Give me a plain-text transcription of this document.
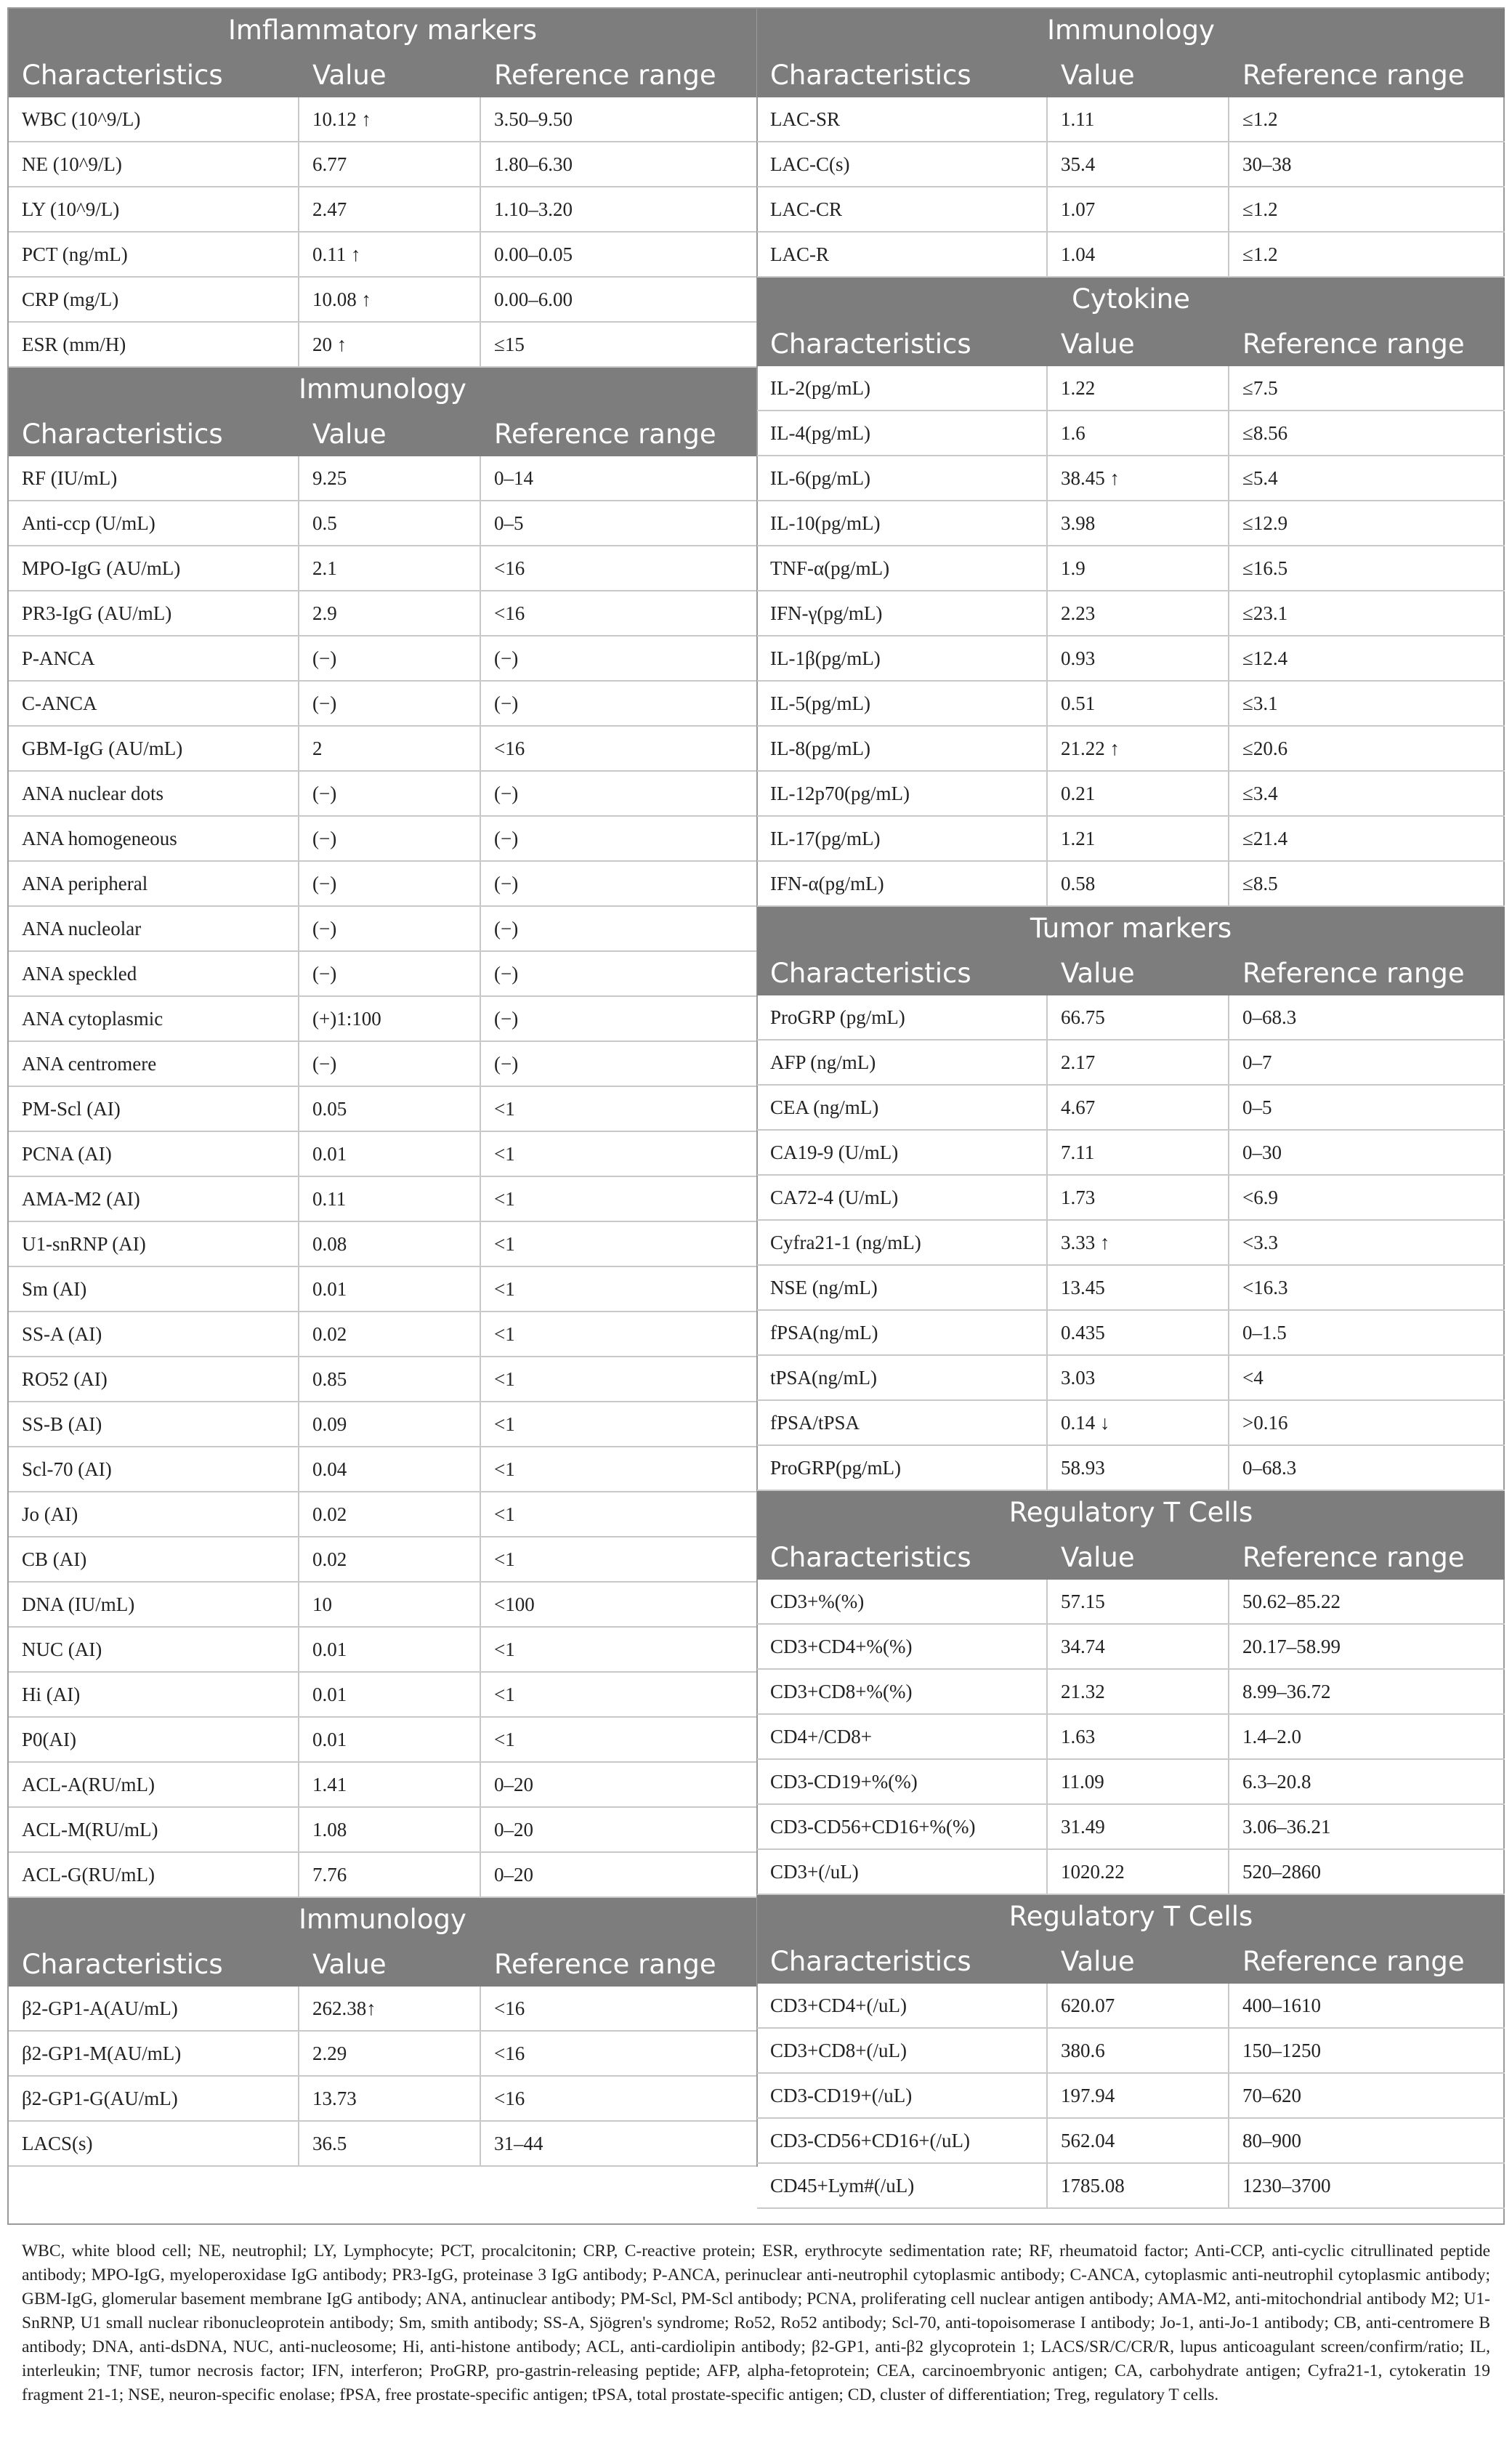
Imflammatory markers
Characteristics	Value	Reference range
WBC (10^9/L)	10.12 ↑	3.50–9.50
NE (10^9/L)	6.77	1.80–6.30
LY (10^9/L)	2.47	1.10–3.20
PCT (ng/mL)	0.11 ↑	0.00–0.05
CRP (mg/L)	10.08 ↑	0.00–6.00
ESR (mm/H)	20 ↑	≤15
Immunology
Characteristics	Value	Reference range
RF (IU/mL)	9.25	0–14
Anti-ccp (U/mL)	0.5	0–5
MPO-IgG (AU/mL)	2.1	<16
PR3-IgG (AU/mL)	2.9	<16
P-ANCA	(−)	(−)
C-ANCA	(−)	(−)
GBM-IgG (AU/mL)	2	<16
ANA nuclear dots	(−)	(−)
ANA homogeneous	(−)	(−)
ANA peripheral	(−)	(−)
ANA nucleolar	(−)	(−)
ANA speckled	(−)	(−)
ANA cytoplasmic	(+)1:100	(−)
ANA centromere	(−)	(−)
PM-Scl (AI)	0.05	<1
PCNA (AI)	0.01	<1
AMA-M2 (AI)	0.11	<1
U1-snRNP (AI)	0.08	<1
Sm (AI)	0.01	<1
SS-A (AI)	0.02	<1
RO52 (AI)	0.85	<1
SS-B (AI)	0.09	<1
Scl-70 (AI)	0.04	<1
Jo (AI)	0.02	<1
CB (AI)	0.02	<1
DNA (IU/mL)	10	<100
NUC (AI)	0.01	<1
Hi (AI)	0.01	<1
P0(AI)	0.01	<1
ACL-A(RU/mL)	1.41	0–20
ACL-M(RU/mL)	1.08	0–20
ACL-G(RU/mL)	7.76	0–20
Immunology
Characteristics	Value	Reference range
β2-GP1-A(AU/mL)	262.38↑	<16
β2-GP1-M(AU/mL)	2.29	<16
β2-GP1-G(AU/mL)	13.73	<16
LACS(s)	36.5	31–44
Immunology
Characteristics	Value	Reference range
LAC-SR	1.11	≤1.2
LAC-C(s)	35.4	30–38
LAC-CR	1.07	≤1.2
LAC-R	1.04	≤1.2
Cytokine
Characteristics	Value	Reference range
IL-2(pg/mL)	1.22	≤7.5
IL-4(pg/mL)	1.6	≤8.56
IL-6(pg/mL)	38.45 ↑	≤5.4
IL-10(pg/mL)	3.98	≤12.9
TNF-α(pg/mL)	1.9	≤16.5
IFN-γ(pg/mL)	2.23	≤23.1
IL-1β(pg/mL)	0.93	≤12.4
IL-5(pg/mL)	0.51	≤3.1
IL-8(pg/mL)	21.22 ↑	≤20.6
IL-12p70(pg/mL)	0.21	≤3.4
IL-17(pg/mL)	1.21	≤21.4
IFN-α(pg/mL)	0.58	≤8.5
Tumor markers
Characteristics	Value	Reference range
ProGRP (pg/mL)	66.75	0–68.3
AFP (ng/mL)	2.17	0–7
CEA (ng/mL)	4.67	0–5
CA19-9 (U/mL)	7.11	0–30
CA72-4 (U/mL)	1.73	<6.9
Cyfra21-1 (ng/mL)	3.33 ↑	<3.3
NSE (ng/mL)	13.45	<16.3
fPSA(ng/mL)	0.435	0–1.5
tPSA(ng/mL)	3.03	<4
fPSA/tPSA	0.14 ↓	>0.16
ProGRP(pg/mL)	58.93	0–68.3
Regulatory T Cells
Characteristics	Value	Reference range
CD3+%(%)	57.15	50.62–85.22
CD3+CD4+%(%)	34.74	20.17–58.99
CD3+CD8+%(%)	21.32	8.99–36.72
CD4+/CD8+	1.63	1.4–2.0
CD3-CD19+%(%)	11.09	6.3–20.8
CD3-CD56+CD16+%(%)	31.49	3.06–36.21
CD3+(/uL)	1020.22	520–2860
Regulatory T Cells
Characteristics	Value	Reference range
CD3+CD4+(/uL)	620.07	400–1610
CD3+CD8+(/uL)	380.6	150–1250
CD3-CD19+(/uL)	197.94	70–620
CD3-CD56+CD16+(/uL)	562.04	80–900
CD45+Lym#(/uL)	1785.08	1230–3700
WBC, white blood cell; NE, neutrophil; LY, Lymphocyte; PCT, procalcitonin; CRP, C-reactive protein; ESR, erythrocyte sedimentation rate; RF, rheumatoid factor; Anti-CCP, anti-cyclic citrullinated peptide antibody; MPO-IgG, myeloperoxidase IgG antibody; PR3-IgG, proteinase 3 IgG antibody; P-ANCA, perinuclear anti-neutrophil cytoplasmic antibody; C-ANCA, cytoplasmic anti-neutrophil cytoplasmic antibody; GBM-IgG, glomerular basement membrane IgG antibody; ANA, antinuclear antibody; PM-Scl, PM-Scl antibody; PCNA, proliferating cell nuclear antigen antibody; AMA-M2, anti-mitochondrial antibody M2; U1-SnRNP, U1 small nuclear ribonucleoprotein antibody; Sm, smith antibody; SS-A, Sjögren's syndrome; Ro52, Ro52 antibody; Scl-70, anti-topoisomerase I antibody; Jo-1, anti-Jo-1 antibody; CB, anti-centromere B antibody; DNA, anti-dsDNA, NUC, anti-nucleosome; Hi, anti-histone antibody; ACL, anti-cardiolipin antibody; β2-GP1, anti-β2 glycoprotein 1; LACS/SR/C/CR/R, lupus anticoagulant screen/confirm/ratio; IL, interleukin; TNF, tumor necrosis factor; IFN, interferon; ProGRP, pro-gastrin-releasing peptide; AFP, alpha-fetoprotein; CEA, carcinoembryonic antigen; CA, carbohydrate antigen; Cyfra21-1, cytokeratin 19 fragment 21-1; NSE, neuron-specific enolase; fPSA, free prostate-specific antigen; tPSA, total prostate-specific antigen; CD, cluster of differentiation; Treg, regulatory T cells.
